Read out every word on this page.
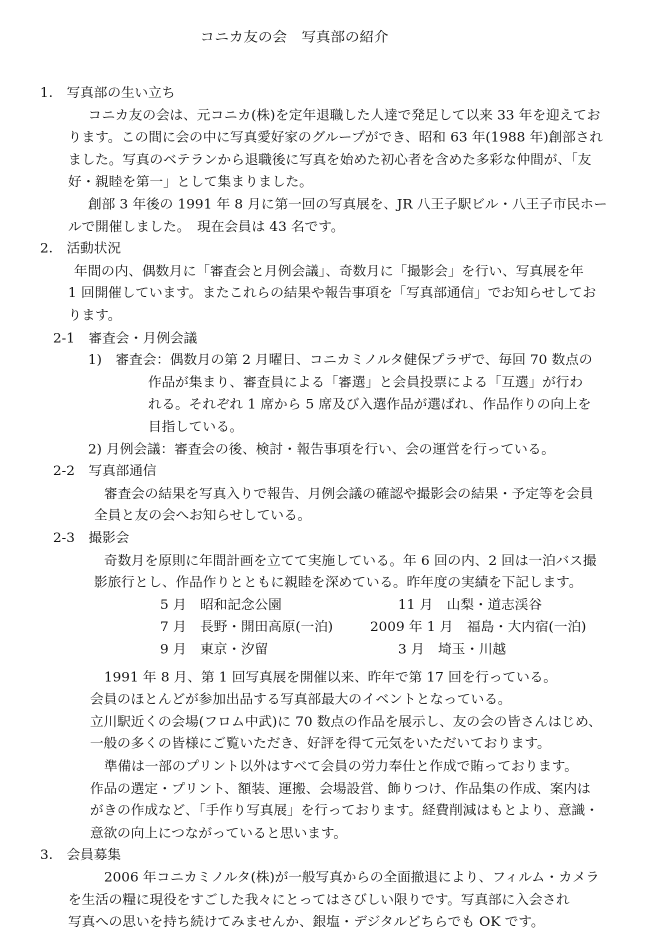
コニカ友の会　写真部の紹介
1.　写真部の生い立ち
コニカ友の会は、元コニカ(株)を定年退職した人達で発足して以来 33 年を迎えてお
ります。この間に会の中に写真愛好家のグループができ、昭和 63 年(1988 年)創部され
ました。写真のベテランから退職後に写真を始めた初心者を含めた多彩な仲間が、「友
好・親睦を第一」として集まりました。
創部 3 年後の 1991 年 8 月に第一回の写真展を、JR 八王子駅ビル・八王子市民ホー
ルで開催しました。　現在会員は 43 名です。
2.　活動状況
年間の内、偶数月に「審査会と月例会議」、奇数月に「撮影会」を行い、写真展を年
1 回開催しています。またこれらの結果や報告事項を「写真部通信」でお知らせしてお
ります。
2-1　審査会・月例会議
1)　審査会：偶数月の第 2 月曜日、コニカミノルタ健保プラザで、毎回 70 数点の
作品が集まり、審査員による「審選」と会員投票による「互選」が行わ
れる。それぞれ 1 席から 5 席及び入選作品が選ばれ、作品作りの向上を
目指している。
2) 月例会議：審査会の後、検討・報告事項を行い、会の運営を行っている。
2-2　写真部通信
審査会の結果を写真入りで報告、月例会議の確認や撮影会の結果・予定等を会員
全員と友の会へお知らせしている。
2-3　撮影会
奇数月を原則に年間計画を立てて実施している。年 6 回の内、2 回は一泊バス撮
影旅行とし、作品作りとともに親睦を深めている。昨年度の実績を下記します。
5 月　昭和記念公園	11 月　山梨・道志渓谷
7 月　長野・開田高原(一泊)	2009 年 1 月　福島・大内宿(一泊)
9 月　東京・汐留	3 月　埼玉・川越
1991 年 8 月、第 1 回写真展を開催以来、昨年で第 17 回を行っている。
会員のほとんどが参加出品する写真部最大のイベントとなっている。
立川駅近くの会場(フロム中武)に 70 数点の作品を展示し、友の会の皆さんはじめ、
一般の多くの皆様にご覧いただき、好評を得て元気をいただいております。
準備は一部のプリント以外はすべて会員の労力奉仕と作成で賄っております。
作品の選定・プリント、額装、運搬、会場設営、飾りつけ、作品集の作成、案内は
がきの作成など、「手作り写真展」を行っております。経費削減はもとより、意識・
意欲の向上につながっていると思います。
3.　会員募集
2006 年コニカミノルタ(株)が一般写真からの全面撤退により、フィルム・カメラ
を生活の糧に現役をすごした我々にとってはさびしい限りです。写真部に入会され
写真への思いを持ち続けてみませんか、銀塩・デジタルどちらでも OK です。
